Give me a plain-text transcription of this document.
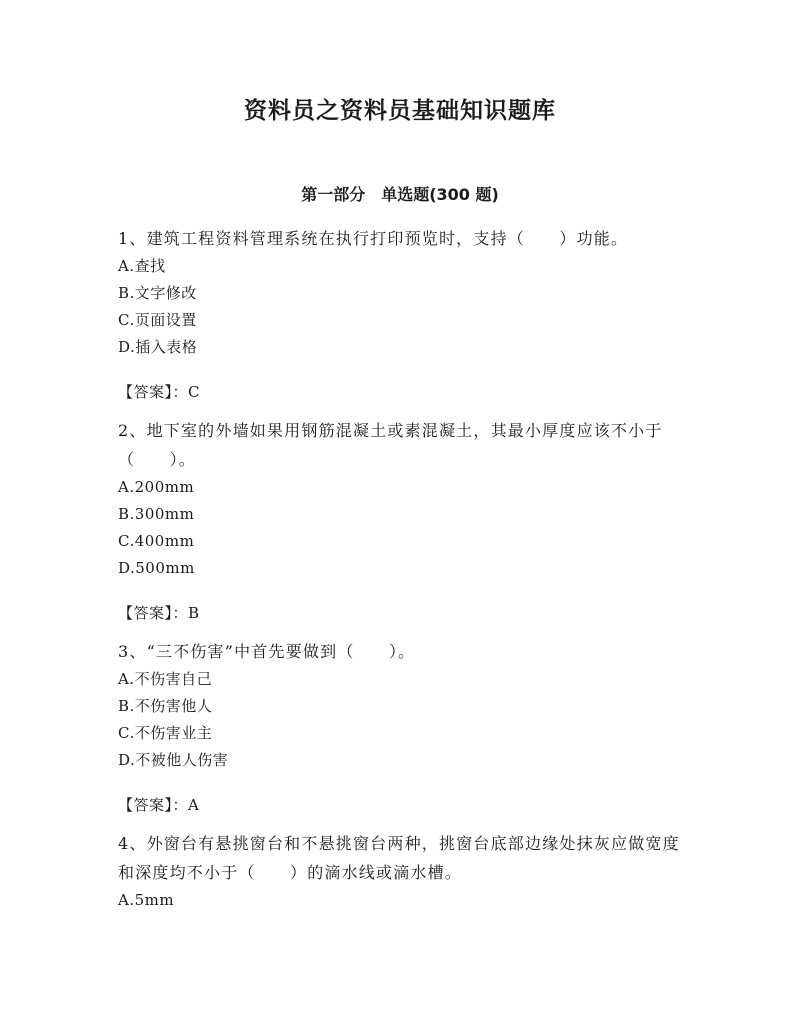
资料员之资料员基础知识题库
第一部分　单选题(300 题)

1、建筑工程资料管理系统在执行打印预览时，支持（　　）功能。

A.查找

B.文字修改

C.页面设置

D.插入表格

【答案】：C

2、地下室的外墙如果用钢筋混凝土或素混凝土，其最小厚度应该不小于（　　）。

A.200mm

B.300mm

C.400mm

D.500mm

【答案】：B

3、“三不伤害”中首先要做到（　　）。

A.不伤害自己

B.不伤害他人

C.不伤害业主

D.不被他人伤害

【答案】：A

4、外窗台有悬挑窗台和不悬挑窗台两种，挑窗台底部边缘处抹灰应做宽度和深度均不小于（　　）的滴水线或滴水槽。

A.5mm
